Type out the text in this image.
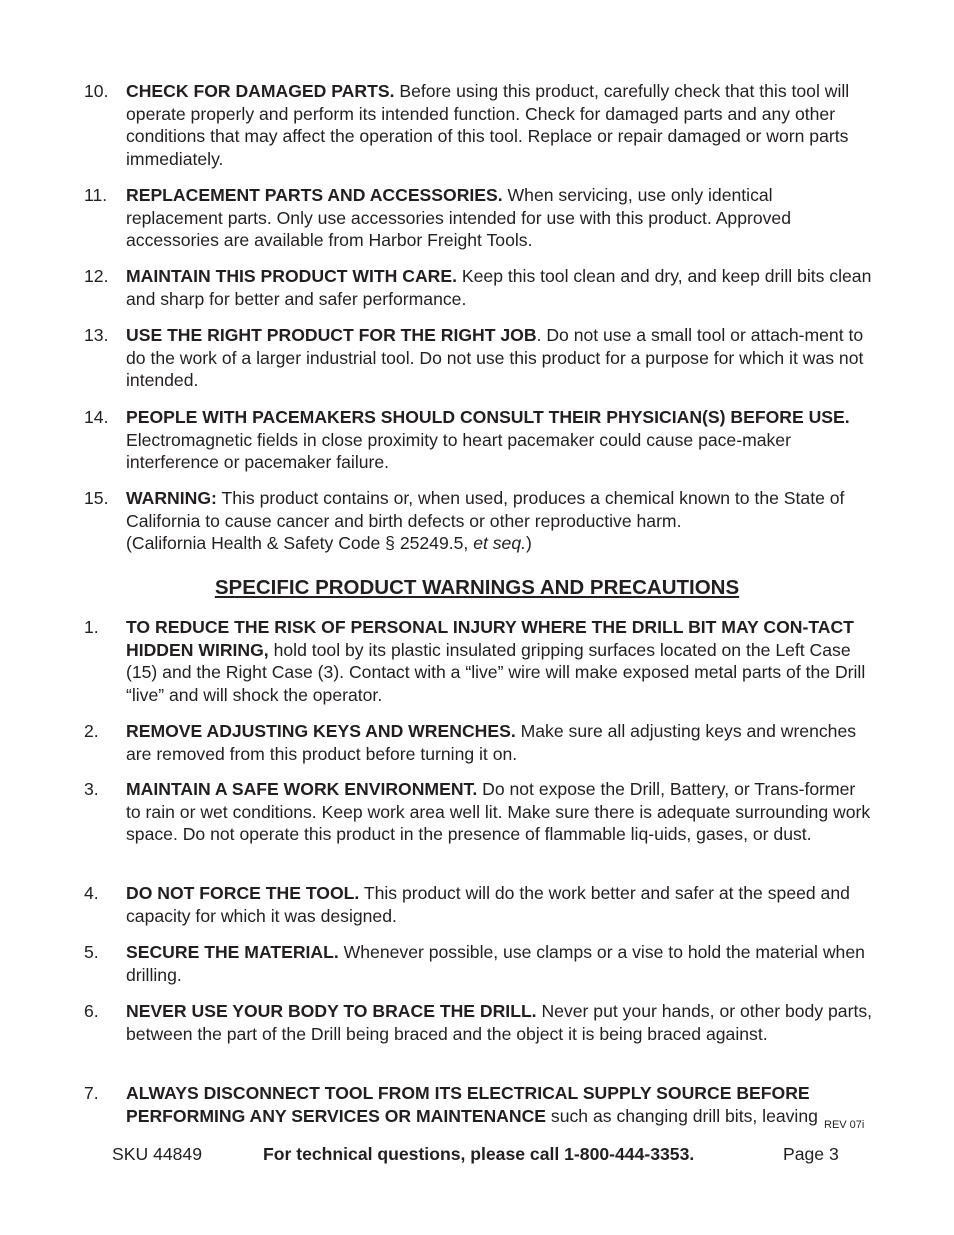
10. CHECK FOR DAMAGED PARTS. Before using this product, carefully check that this tool will operate properly and perform its intended function. Check for damaged parts and any other conditions that may affect the operation of this tool. Replace or repair damaged or worn parts immediately.
11. REPLACEMENT PARTS AND ACCESSORIES. When servicing, use only identical replacement parts. Only use accessories intended for use with this product. Approved accessories are available from Harbor Freight Tools.
12. MAINTAIN THIS PRODUCT WITH CARE. Keep this tool clean and dry, and keep drill bits clean and sharp for better and safer performance.
13. USE THE RIGHT PRODUCT FOR THE RIGHT JOB. Do not use a small tool or attach-ment to do the work of a larger industrial tool. Do not use this product for a purpose for which it was not intended.
14. PEOPLE WITH PACEMAKERS SHOULD CONSULT THEIR PHYSICIAN(S) BEFORE USE. Electromagnetic fields in close proximity to heart pacemaker could cause pace-maker interference or pacemaker failure.
15. WARNING: This product contains or, when used, produces a chemical known to the State of California to cause cancer and birth defects or other reproductive harm.
(California Health & Safety Code § 25249.5, et seq.)
SPECIFIC PRODUCT WARNINGS AND PRECAUTIONS
1. TO REDUCE THE RISK OF PERSONAL INJURY WHERE THE DRILL BIT MAY CON-TACT HIDDEN WIRING, hold tool by its plastic insulated gripping surfaces located on the Left Case (15) and the Right Case (3). Contact with a “live” wire will make exposed metal parts of the Drill “live” and will shock the operator.
2. REMOVE ADJUSTING KEYS AND WRENCHES. Make sure all adjusting keys and wrenches are removed from this product before turning it on.
3. MAINTAIN A SAFE WORK ENVIRONMENT. Do not expose the Drill, Battery, or Trans-former to rain or wet conditions. Keep work area well lit. Make sure there is adequate surrounding work space. Do not operate this product in the presence of flammable liq-uids, gases, or dust.
4. DO NOT FORCE THE TOOL. This product will do the work better and safer at the speed and capacity for which it was designed.
5. SECURE THE MATERIAL. Whenever possible, use clamps or a vise to hold the material when drilling.
6. NEVER USE YOUR BODY TO BRACE THE DRILL. Never put your hands, or other body parts, between the part of the Drill being braced and the object it is being braced against.
7. ALWAYS DISCONNECT TOOL FROM ITS ELECTRICAL SUPPLY SOURCE BEFORE PERFORMING ANY SERVICES OR MAINTENANCE such as changing drill bits, leaving REV 07i
SKU 44849	For technical questions, please call 1-800-444-3353.	Page 3
